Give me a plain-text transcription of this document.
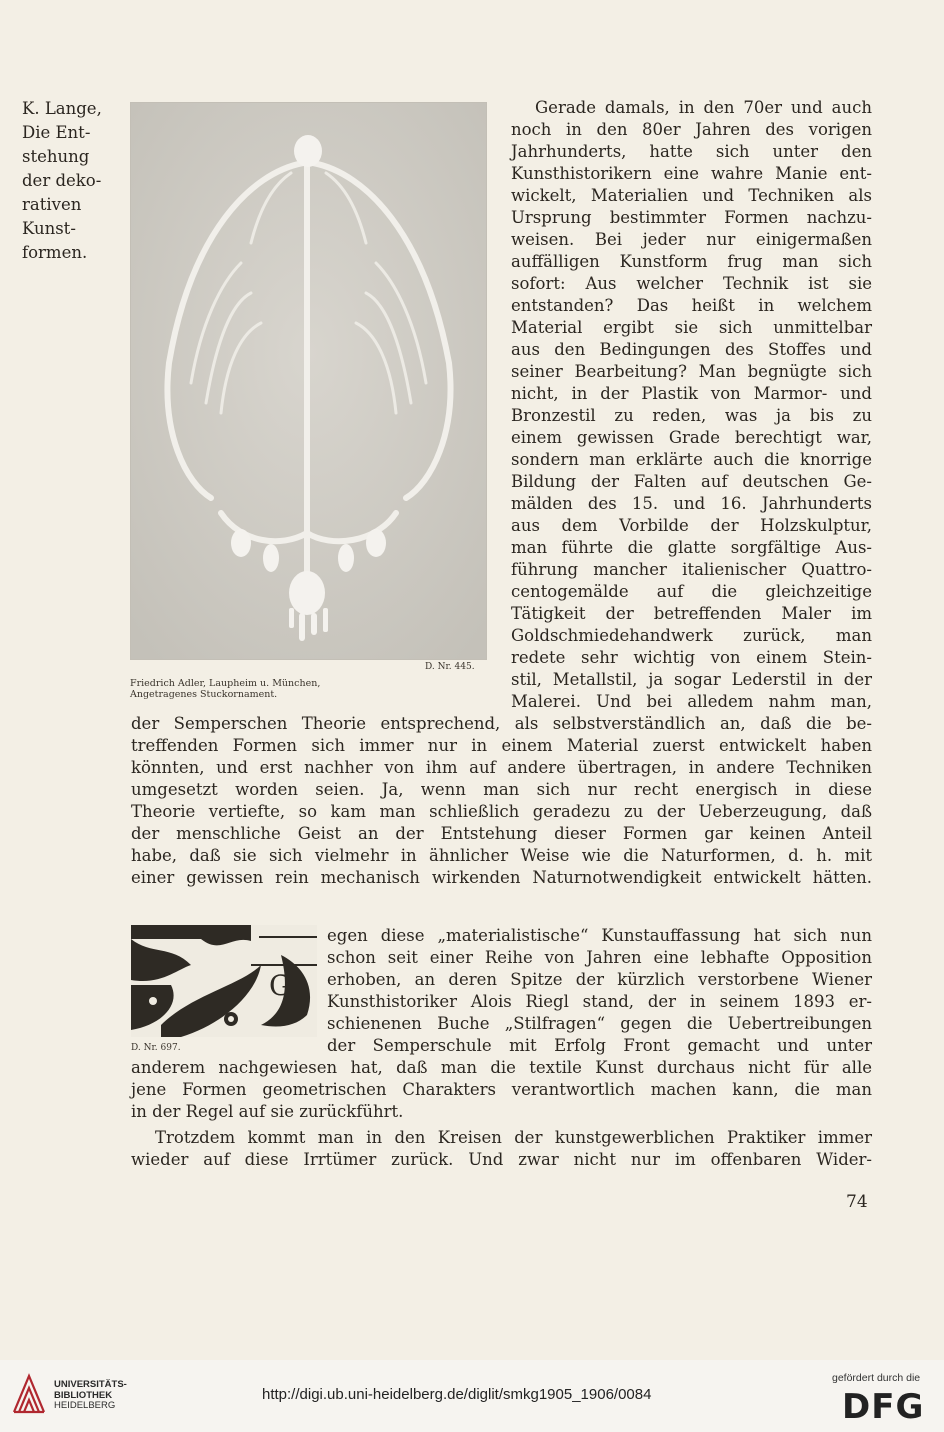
K. Lange,
Die Ent-
stehung
der deko-
rativen
Kunst-
formen.
D. Nr. 445.
Friedrich Adler, Laupheim u. München,
Angetragenes Stuckornament.
Gerade damals, in den 70er und auch
noch in den 80er Jahren des vorigen
Jahrhunderts, hatte sich unter den
Kunsthistorikern eine wahre Manie ent-
wickelt, Materialien und Techniken als
Ursprung bestimmter Formen nachzu-
weisen. Bei jeder nur einigermaßen
auffälligen Kunstform frug man sich
sofort: Aus welcher Technik ist sie
entstanden? Das heißt in welchem
Material ergibt sie sich unmittelbar
aus den Bedingungen des Stoffes und
seiner Bearbeitung? Man begnügte sich
nicht, in der Plastik von Marmor- und
Bronzestil zu reden, was ja bis zu
einem gewissen Grade berechtigt war,
sondern man erklärte auch die knorrige
Bildung der Falten auf deutschen Ge-
mälden des 15. und 16. Jahrhunderts
aus dem Vorbilde der Holzskulptur,
man führte die glatte sorgfältige Aus-
führung mancher italienischer Quattro-
centogemälde auf die gleichzeitige
Tätigkeit der betreffenden Maler im
Goldschmiedehandwerk zurück, man
redete sehr wichtig von einem Stein-
stil, Metallstil, ja sogar Lederstil in der
Malerei. Und bei alledem nahm man,
der Semperschen Theorie entsprechend, als selbstverständlich an, daß die be-
treffenden Formen sich immer nur in einem Material zuerst entwickelt haben
könnten, und erst nachher von ihm auf andere übertragen, in andere Techniken
umgesetzt worden seien. Ja, wenn man sich nur recht energisch in diese
Theorie vertiefte, so kam man schließlich geradezu zu der Ueberzeugung, daß
der menschliche Geist an der Entstehung dieser Formen gar keinen Anteil
habe, daß sie sich vielmehr in ähnlicher Weise wie die Naturformen, d. h. mit
einer gewissen rein mechanisch wirkenden Naturnotwendigkeit entwickelt hätten.
G
D. Nr. 697.
egen diese „materialistische“ Kunstauffassung hat sich nun
schon seit einer Reihe von Jahren eine lebhafte Opposition
erhoben, an deren Spitze der kürzlich verstorbene Wiener
Kunsthistoriker Alois Riegl stand, der in seinem 1893 er-
schienenen Buche „Stilfragen“ gegen die Uebertreibungen
der Semperschule mit Erfolg Front gemacht und unter
anderem nachgewiesen hat, daß man die textile Kunst durchaus nicht für alle
jene Formen geometrischen Charakters verantwortlich machen kann, die man
in der Regel auf sie zurückführt.
Trotzdem kommt man in den Kreisen der kunstgewerblichen Praktiker immer
wieder auf diese Irrtümer zurück. Und zwar nicht nur im offenbaren Wider-
74
UNIVERSITÄTS-
BIBLIOTHEK
HEIDELBERG
http://digi.ub.uni-heidelberg.de/diglit/smkg1905_1906/0084
gefördert durch die
DFG
